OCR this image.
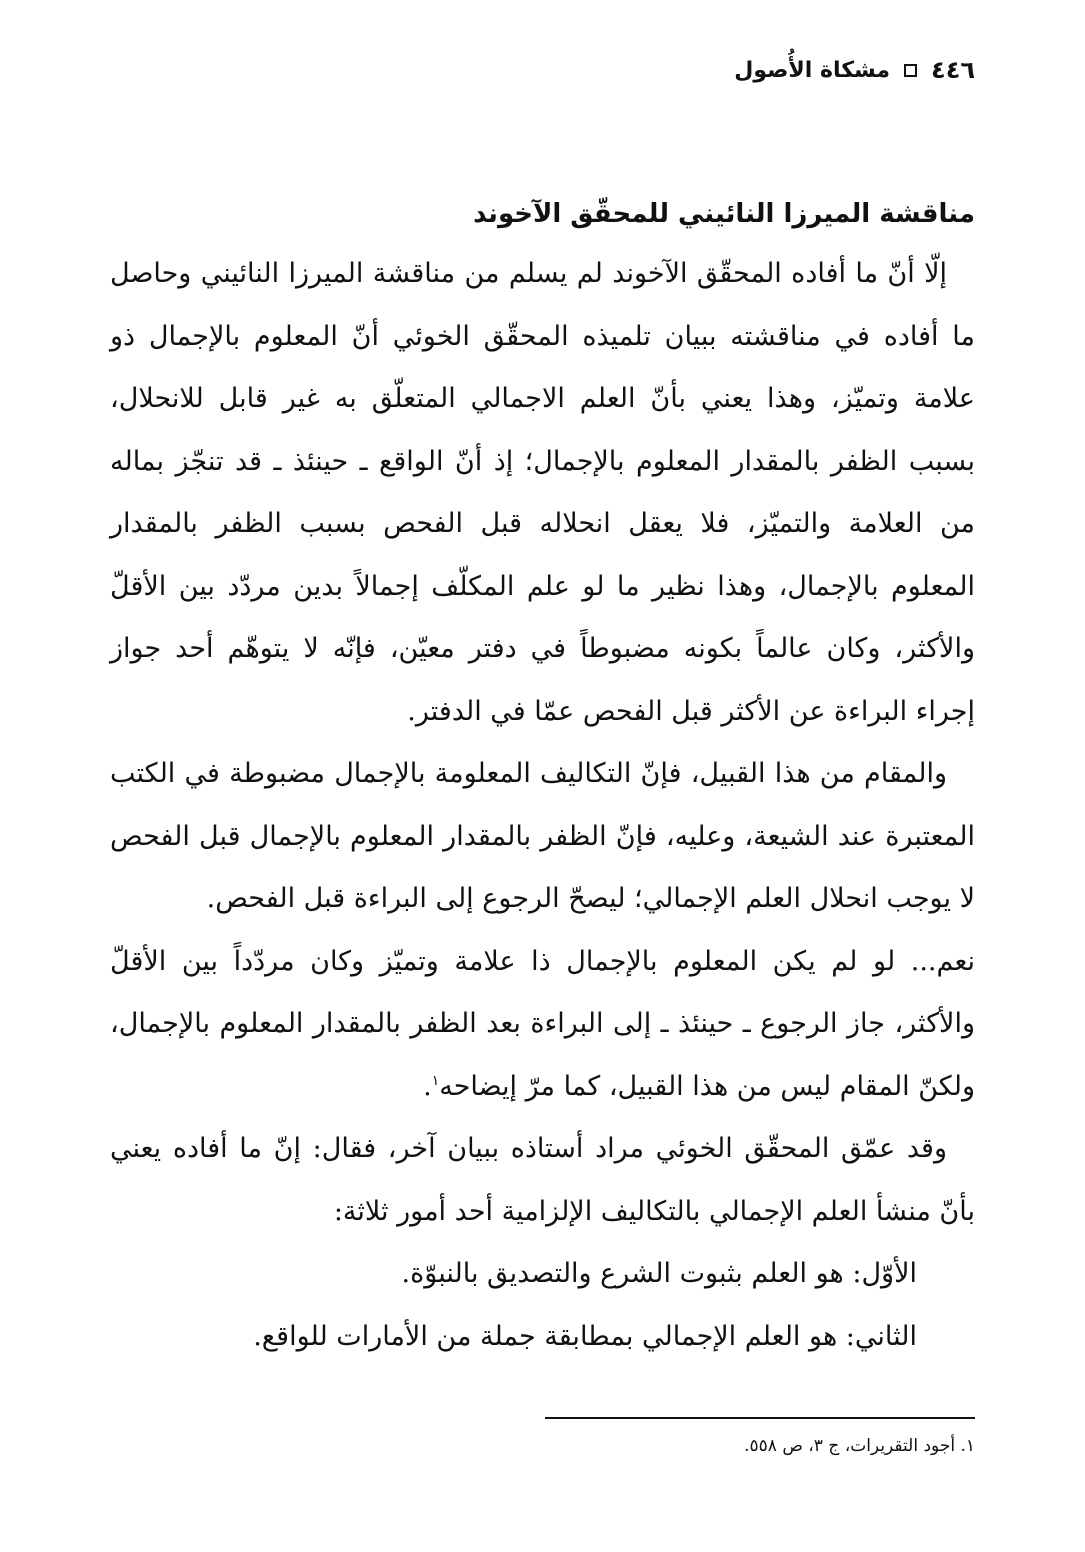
٤٤٦
مشكاة الأُصول
مناقشة الميرزا النائيني للمحقّق الآخوند

إلّا أنّ ما أفاده المحقّق الآخوند لم يسلم من مناقشة الميرزا النائيني وحاصل ما أفاده في مناقشته ببيان تلميذه المحقّق الخوئي أنّ المعلوم بالإجمال ذو علامة وتميّز، وهذا يعني بأنّ العلم الاجمالي المتعلّق به غير قابل للانحلال، بسبب الظفر بالمقدار المعلوم بالإجمال؛ إذ أنّ الواقع ـ حينئذ ـ قد تنجّز بماله من العلامة والتميّز، فلا يعقل انحلاله قبل الفحص بسبب الظفر بالمقدار المعلوم بالإجمال، وهذا نظير ما لو علم المكلّف إجمالاً بدين مردّد بين الأقلّ والأكثر، وكان عالماً بكونه مضبوطاً في دفتر معيّن، فإنّه لا يتوهّم أحد جواز إجراء البراءة عن الأكثر قبل الفحص عمّا في الدفتر.

والمقام من هذا القبيل، فإنّ التكاليف المعلومة بالإجمال مضبوطة في الكتب المعتبرة عند الشيعة، وعليه، فإنّ الظفر بالمقدار المعلوم بالإجمال قبل الفحص لا يوجب انحلال العلم الإجمالي؛ ليصحّ الرجوع إلى البراءة قبل الفحص.

نعم... لو لم يكن المعلوم بالإجمال ذا علامة وتميّز وكان مردّداً بين الأقلّ والأكثر، جاز الرجوع ـ حينئذ ـ إلى البراءة بعد الظفر بالمقدار المعلوم بالإجمال، ولكنّ المقام ليس من هذا القبيل، كما مرّ إيضاحه$^١$.

وقد عمّق المحقّق الخوئي مراد أستاذه ببيان آخر، فقال: إنّ ما أفاده يعني بأنّ منشأ العلم الإجمالي بالتكاليف الإلزامية أحد أمور ثلاثة:

الأوّل: هو العلم بثبوت الشرع والتصديق بالنبوّة.

الثاني: هو العلم الإجمالي بمطابقة جملة من الأمارات للواقع.

١. أجود التقريرات، ج ٣، ص ٥٥٨.
